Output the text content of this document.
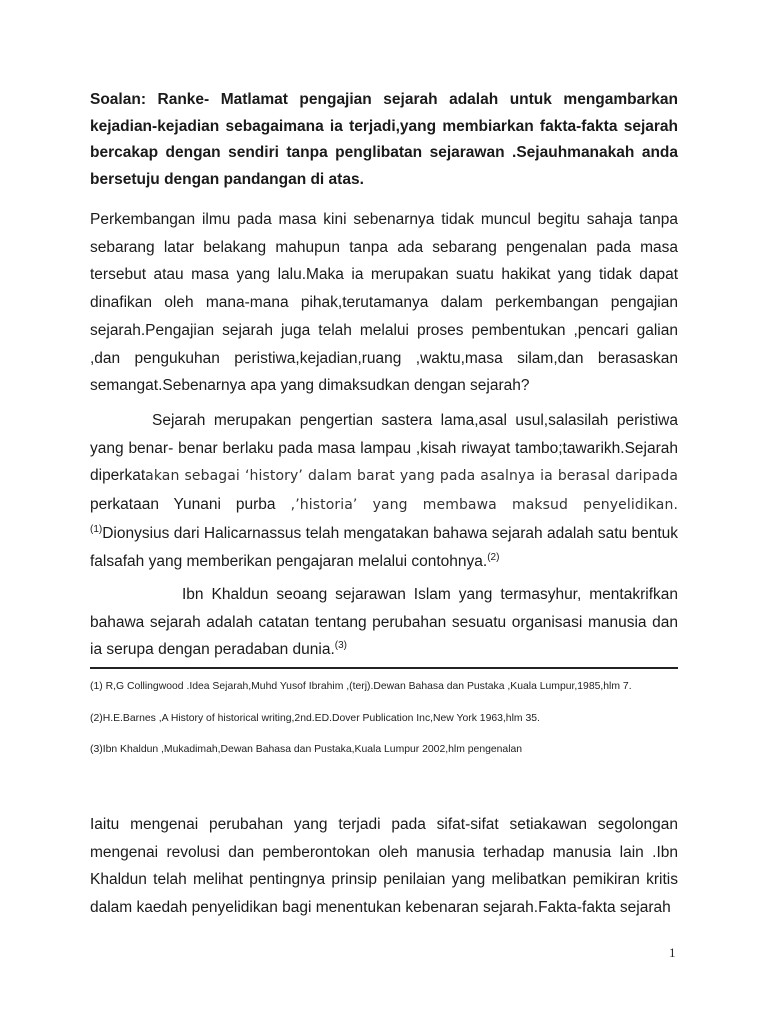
Soalan: Ranke- Matlamat pengajian sejarah adalah untuk mengambarkan kejadian-kejadian sebagaimana ia terjadi,yang membiarkan fakta-fakta sejarah bercakap dengan sendiri tanpa penglibatan sejarawan .Sejauhmanakah anda bersetuju dengan pandangan di atas.

Perkembangan ilmu pada masa kini sebenarnya tidak muncul begitu sahaja tanpa sebarang latar belakang mahupun tanpa ada sebarang pengenalan pada masa tersebut atau masa yang lalu.Maka ia merupakan suatu hakikat yang tidak dapat dinafikan oleh mana-mana pihak,terutamanya dalam perkembangan pengajian sejarah.Pengajian sejarah juga telah melalui proses pembentukan ,pencari galian ,dan pengukuhan peristiwa,kejadian,ruang ,waktu,masa silam,dan berasaskan semangat.Sebenarnya apa yang dimaksudkan dengan sejarah?

Sejarah merupakan pengertian sastera lama,asal usul,salasilah peristiwa yang benar- benar berlaku pada masa lampau ,kisah riwayat tambo;tawarikh.Sejarah diperkatakan sebagai ‘history’ dalam barat yang pada asalnya ia berasal daripada perkataan Yunani purba ,’historia’ yang membawa maksud penyelidikan.$^{(1)}$Dionysius dari Halicarnassus telah mengatakan bahawa sejarah adalah satu bentuk falsafah yang memberikan pengajaran melalui contohnya.$^{(2)}$

Ibn Khaldun seoang sejarawan Islam yang termasyhur, mentakrifkan bahawa sejarah adalah catatan tentang perubahan sesuatu organisasi manusia dan ia serupa dengan peradaban dunia.$^{(3)}$

(1) R,G Collingwood .Idea Sejarah,Muhd Yusof Ibrahim ,(terj).Dewan Bahasa dan Pustaka ,Kuala Lumpur,1985,hlm 7.
(2)H.E.Barnes ,A History of historical writing,2nd.ED.Dover Publication Inc,New York 1963,hlm 35.
(3)Ibn Khaldun ,Mukadimah,Dewan Bahasa dan Pustaka,Kuala Lumpur 2002,hlm pengenalan

Iaitu mengenai perubahan yang terjadi pada sifat-sifat setiakawan segolongan mengenai revolusi dan pemberontokan oleh manusia terhadap manusia lain .Ibn Khaldun telah melihat pentingnya prinsip penilaian yang melibatkan pemikiran kritis dalam kaedah penyelidikan bagi menentukan kebenaran sejarah.Fakta-fakta sejarah

1
